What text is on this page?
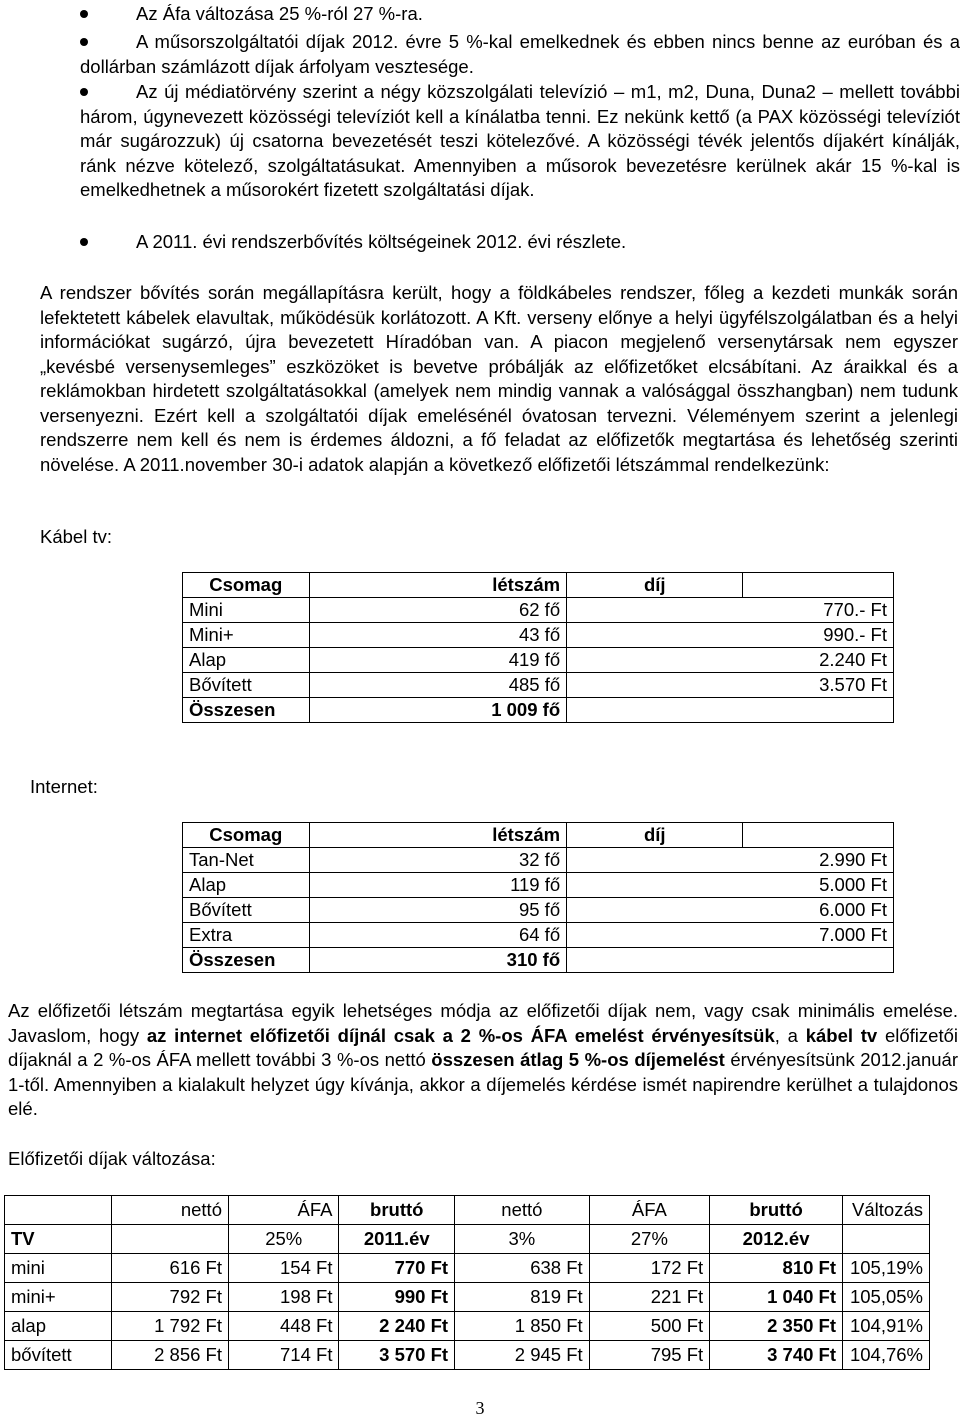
Az Áfa változása 25 %-ról 27 %-ra.
A műsorszolgáltatói díjak 2012. évre 5 %-kal emelkednek és ebben nincs benne az euróban és a dollárban számlázott díjak árfolyam vesztesége.
Az új médiatörvény szerint a négy közszolgálati televízió – m1, m2, Duna, Duna2 – mellett további három, úgynevezett közösségi televíziót kell a kínálatba tenni. Ez nekünk kettő (a PAX közösségi televíziót már sugározzuk) új csatorna bevezetését teszi kötelezővé. A közösségi tévék jelentős díjakért kínálják, ránk nézve kötelező, szolgáltatásukat. Amennyiben a műsorok bevezetésre kerülnek akár 15 %-kal is emelkedhetnek a műsorokért fizetett szolgáltatási díjak.
A 2011. évi rendszerbővítés költségeinek 2012. évi részlete.
A rendszer bővítés során megállapításra került, hogy a földkábeles rendszer, főleg a kezdeti munkák során lefektetett kábelek elavultak, működésük korlátozott. A Kft. verseny előnye a helyi ügyfélszolgálatban és a helyi információkat sugárzó, újra bevezetett Híradóban van. A piacon megjelenő versenytársak nem egyszer „kevésbé versenysemleges” eszközöket is bevetve próbálják az előfizetőket elcsábítani. Az áraikkal és a reklámokban hirdetett szolgáltatásokkal (amelyek nem mindig vannak a valósággal összhangban) nem tudunk versenyezni. Ezért kell a szolgáltatói díjak emelésénél óvatosan tervezni. Véleményem szerint a jelenlegi rendszerre nem kell és nem is érdemes áldozni, a fő feladat az előfizetők megtartása és lehetőség szerinti növelése. A 2011.november 30-i adatok alapján a következő előfizetői létszámmal rendelkezünk:
Kábel tv:
Csomag		létszám	díj	
Mini	62 fő		770.- Ft	
Mini+	43 fő		990.- Ft	
Alap	419 fő		2.240 Ft	
Bővített	485 fő		3.570 Ft	
Összesen	1 009 fő			
Internet:
Csomag		létszám	díj	
Tan-Net	32 fő		2.990 Ft	
Alap	119 fő		5.000 Ft	
Bővített	95 fő		6.000 Ft	
Extra	64 fő		7.000 Ft	
Összesen	310 fő			
Az előfizetői létszám megtartása egyik lehetséges módja az előfizetői díjak nem, vagy csak minimális emelése. Javaslom, hogy az internet előfizetői díjnál csak a 2 %-os ÁFA emelést érvényesítsük, a kábel tv előfizetői díjaknál a 2 %-os ÁFA mellett további 3 %-os nettó összesen átlag 5 %-os díjemelést érvényesítsünk 2012.január 1-től. Amennyiben a kialakult helyzet úgy kívánja, akkor a díjemelés kérdése ismét napirendre kerülhet a tulajdonos elé.
Előfizetői díjak változása:
	nettó	ÁFA	bruttó	nettó	ÁFA	bruttó	Változás
TV		25%	2011.év	3%	27%	2012.év	
mini	616 Ft	154 Ft	770 Ft	638 Ft	172 Ft	810 Ft	105,19%
mini+	792 Ft	198 Ft	990 Ft	819 Ft	221 Ft	1 040 Ft	105,05%
alap	1 792 Ft	448 Ft	2 240 Ft	1 850 Ft	500 Ft	2 350 Ft	104,91%
bővített	2 856 Ft	714 Ft	3 570 Ft	2 945 Ft	795 Ft	3 740 Ft	104,76%
3
